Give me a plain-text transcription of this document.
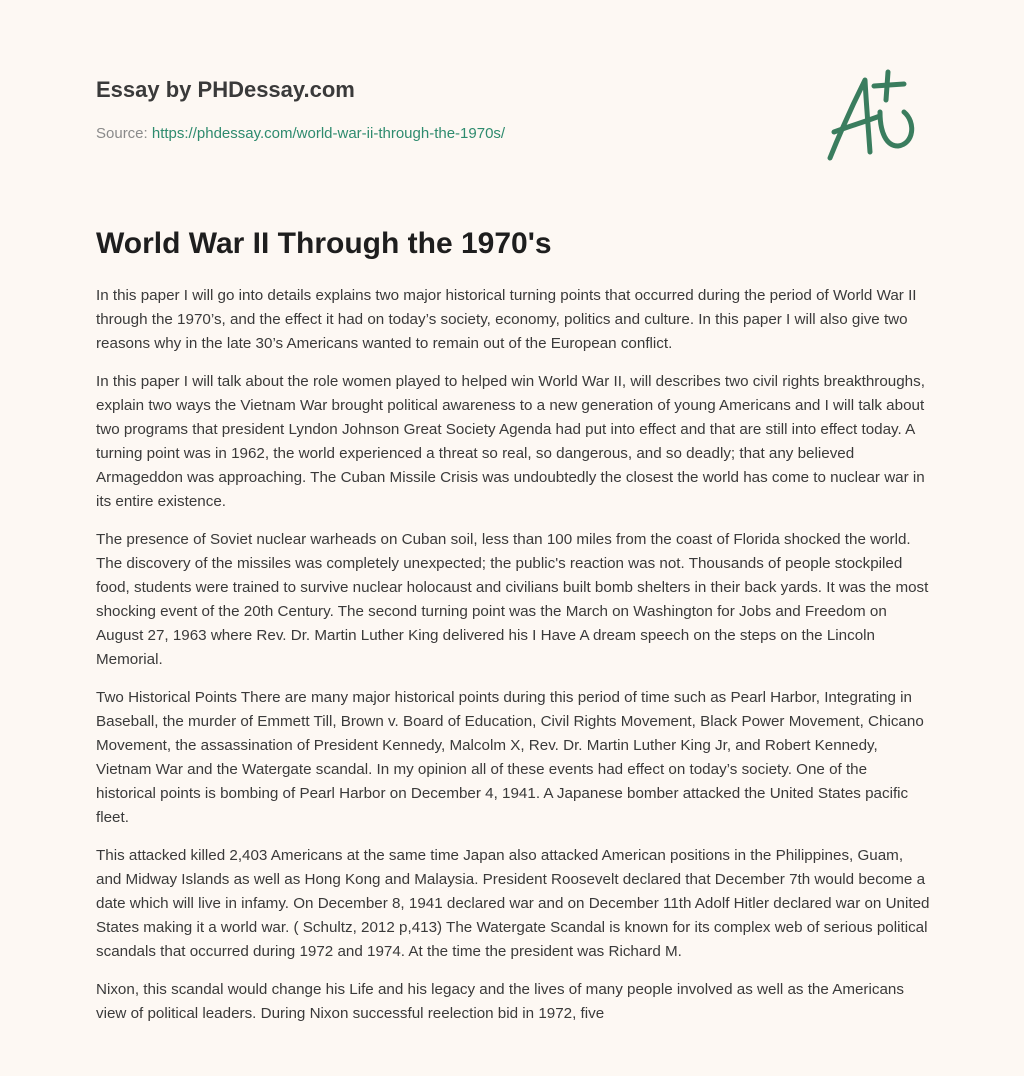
Essay by PHDessay.com
Source: https://phdessay.com/world-war-ii-through-the-1970s/
World War II Through the 1970's

In this paper I will go into details explains two major historical turning points that occurred during the period of World War II through the 1970’s, and the effect it had on today’s society, economy, politics and culture. In this paper I will also give two reasons why in the late 30’s Americans wanted to remain out of the European conflict.

In this paper I will talk about the role women played to helped win World War II, will describes two civil rights breakthroughs, explain two ways the Vietnam War brought political awareness to a new generation of young Americans and I will talk about two programs that president Lyndon Johnson Great Society Agenda had put into effect and that are still into effect today. A turning point was in 1962, the world experienced a threat so real, so dangerous, and so deadly; that any believed Armageddon was approaching. The Cuban Missile Crisis was undoubtedly the closest the world has come to nuclear war in its entire existence.

The presence of Soviet nuclear warheads on Cuban soil, less than 100 miles from the coast of Florida shocked the world. The discovery of the missiles was completely unexpected; the public's reaction was not. Thousands of people stockpiled food, students were trained to survive nuclear holocaust and civilians built bomb shelters in their back yards. It was the most shocking event of the 20th Century. The second turning point was the March on Washington for Jobs and Freedom on August 27, 1963 where Rev. Dr. Martin Luther King delivered his I Have A dream speech on the steps on the Lincoln Memorial.

Two Historical Points There are many major historical points during this period of time such as Pearl Harbor, Integrating in Baseball, the murder of Emmett Till, Brown v. Board of Education, Civil Rights Movement, Black Power Movement, Chicano Movement, the assassination of President Kennedy, Malcolm X, Rev. Dr. Martin Luther King Jr, and Robert Kennedy, Vietnam War and the Watergate scandal. In my opinion all of these events had effect on today’s society. One of the historical points is bombing of Pearl Harbor on December 4, 1941. A Japanese bomber attacked the United States pacific fleet.

This attacked killed 2,403 Americans at the same time Japan also attacked American positions in the Philippines, Guam, and Midway Islands as well as Hong Kong and Malaysia. President Roosevelt declared that December 7th would become a date which will live in infamy. On December 8, 1941 declared war and on December 11th Adolf Hitler declared war on United States making it a world war. ( Schultz, 2012 p,413) The Watergate Scandal is known for its complex web of serious political scandals that occurred during 1972 and 1974. At the time the president was Richard M.

Nixon, this scandal would change his Life and his legacy and the lives of many people involved as well as the Americans view of political leaders. During Nixon successful reelection bid in 1972, five
